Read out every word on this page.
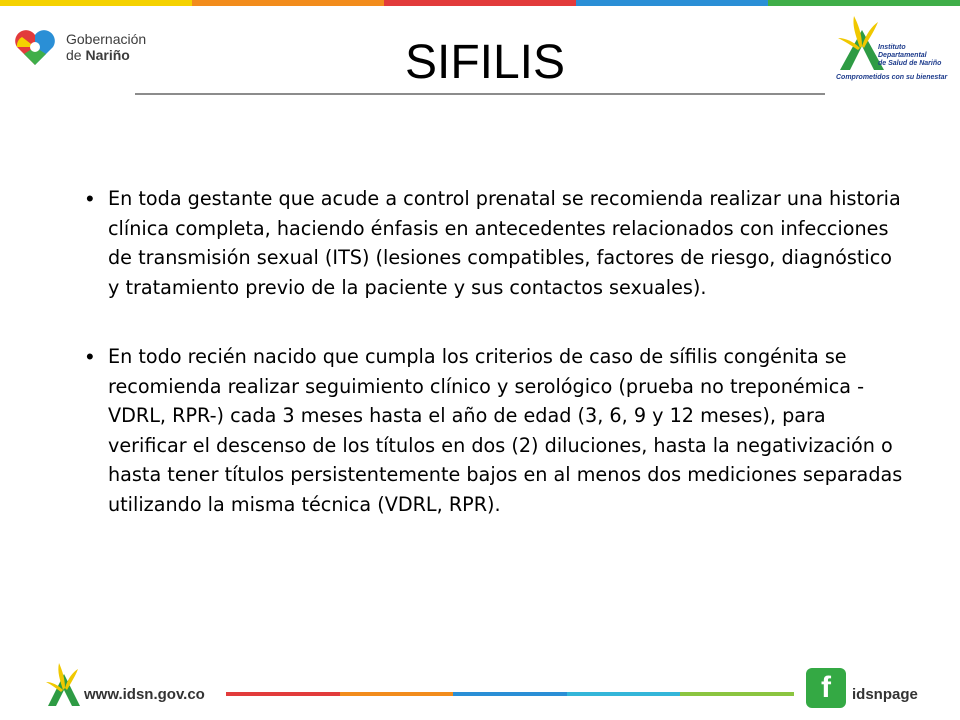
Gobernación
de Nariño	SIFILIS	Instituto
Departamental
de Salud de Nariño
Comprometidos con su bienestar
• En toda gestante que acude a control prenatal se recomienda realizar una historia clínica completa, haciendo énfasis en antecedentes relacionados con infecciones de transmisión sexual (ITS) (lesiones compatibles, factores de riesgo, diagnóstico y tratamiento previo de la paciente y sus contactos sexuales).
• En todo recién nacido que cumpla los criterios de caso de sífilis congénita se recomienda realizar seguimiento clínico y serológico (prueba no treponémica - VDRL, RPR-) cada 3 meses hasta el año de edad (3, 6, 9 y 12 meses), para verificar el descenso de los títulos en dos (2) diluciones, hasta la negativización o hasta tener títulos persistentemente bajos en al menos dos mediciones separadas utilizando la misma técnica (VDRL, RPR).
www.idsn.gov.co	f idsnpage
